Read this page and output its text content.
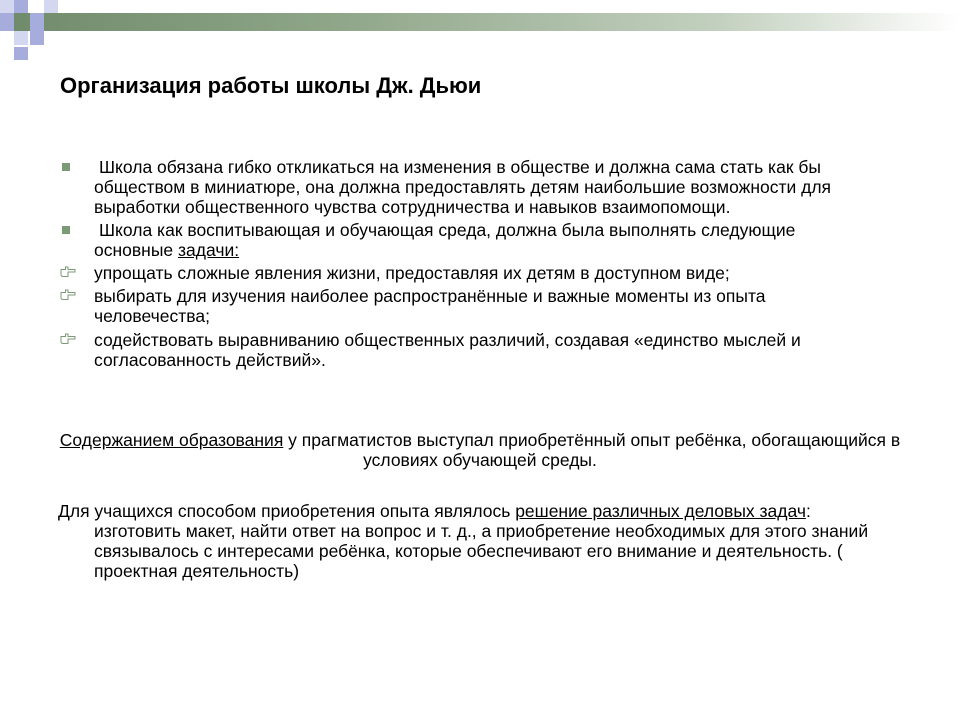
Организация работы школы Дж. Дьюи
Школа обязана гибко откликаться на изменения в обществе и должна сама стать как бы обществом в миниатюре, она должна предоставлять детям наибольшие возможности для выработки общественного чувства сотрудничества и навыков взаимопомощи.
Школа как воспитывающая и обучающая среда, должна была выполнять следующие основные задачи:
упрощать сложные явления жизни, предоставляя их детям в доступном виде;
выбирать для изучения наиболее распространённые и важные моменты из опыта человечества;
содействовать выравниванию общественных различий, создавая «единство мыслей и согласованность действий».

Содержанием образования у прагматистов выступал приобретённый опыт ребёнка, обогащающийся в условиях обучающей среды.

Для учащихся способом приобретения опыта являлось решение различных деловых задач: изготовить макет, найти ответ на вопрос и т. д., а приобретение необходимых для этого знаний связывалось с интересами ребёнка, которые обеспечивают его внимание и деятельность. ( проектная деятельность)
